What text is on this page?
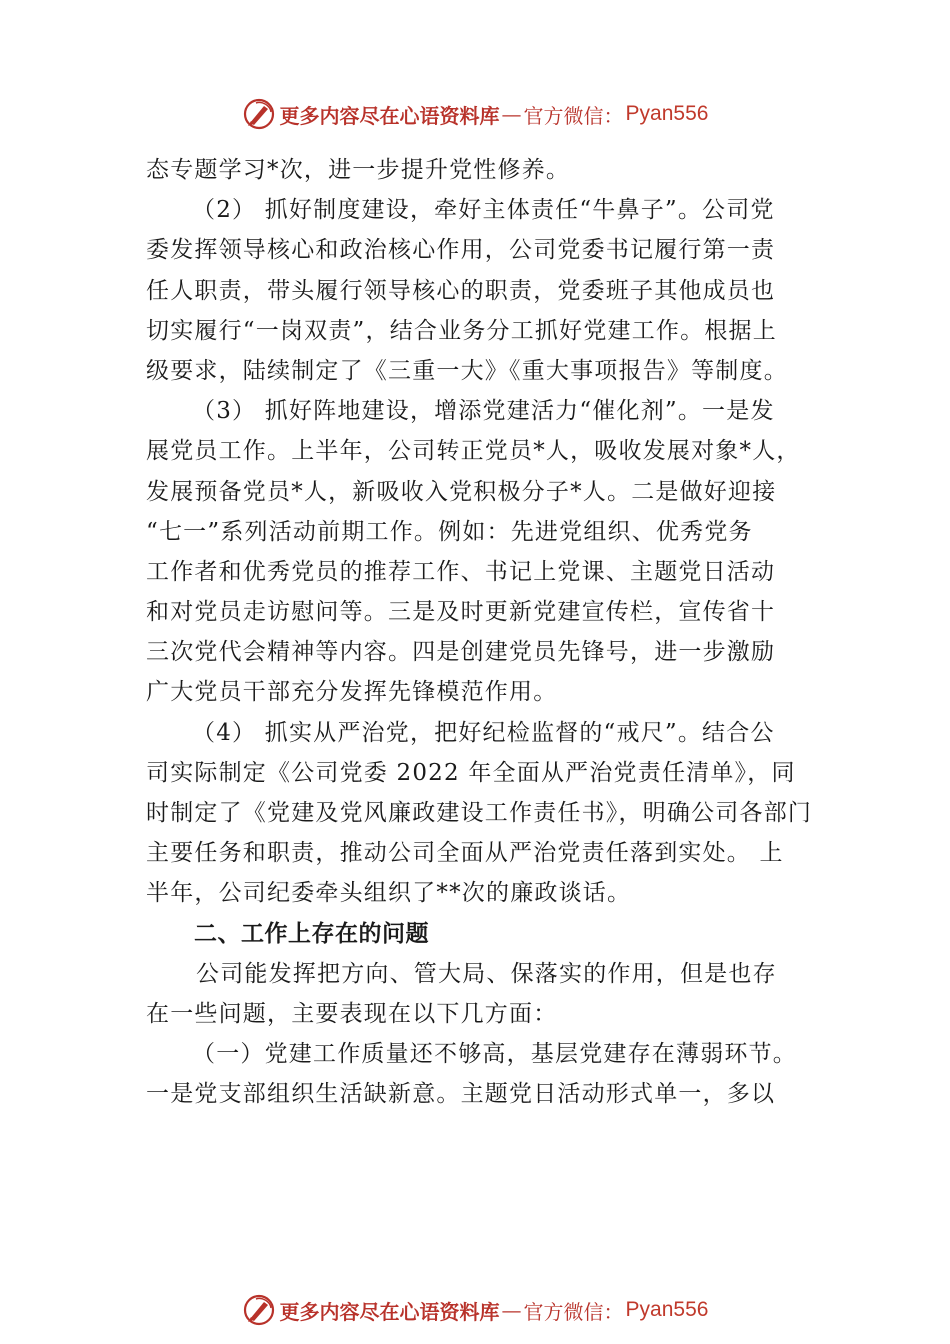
更多内容尽在心语资料库 — 官方微信： Pyan556
态专题学习*次，进一步提升党性修养。
（2） 抓好制度建设，牵好主体责任“牛鼻子”。公司党
委发挥领导核心和政治核心作用，公司党委书记履行第一责
任人职责，带头履行领导核心的职责，党委班子其他成员也
切实履行“一岗双责”，结合业务分工抓好党建工作。根据上
级要求，陆续制定了《三重一大》《重大事项报告》等制度。
（3） 抓好阵地建设，增添党建活力“催化剂”。一是发
展党员工作。上半年，公司转正党员*人，吸收发展对象*人，
发展预备党员*人，新吸收入党积极分子*人。二是做好迎接
“七一”系列活动前期工作。例如：先进党组织、优秀党务
工作者和优秀党员的推荐工作、书记上党课、主题党日活动
和对党员走访慰问等。三是及时更新党建宣传栏，宣传省十
三次党代会精神等内容。四是创建党员先锋号，进一步激励
广大党员干部充分发挥先锋模范作用。
（4） 抓实从严治党，把好纪检监督的“戒尺”。结合公
司实际制定《公司党委 2022 年全面从严治党责任清单》，同
时制定了《党建及党风廉政建设工作责任书》，明确公司各部门
主要任务和职责，推动公司全面从严治党责任落到实处。 上
半年，公司纪委牵头组织了**次的廉政谈话。
二、工作上存在的问题
公司能发挥把方向、管大局、保落实的作用，但是也存
在一些问题，主要表现在以下几方面：
（一）党建工作质量还不够高，基层党建存在薄弱环节。
一是党支部组织生活缺新意。主题党日活动形式单一，多以
更多内容尽在心语资料库 — 官方微信： Pyan556
